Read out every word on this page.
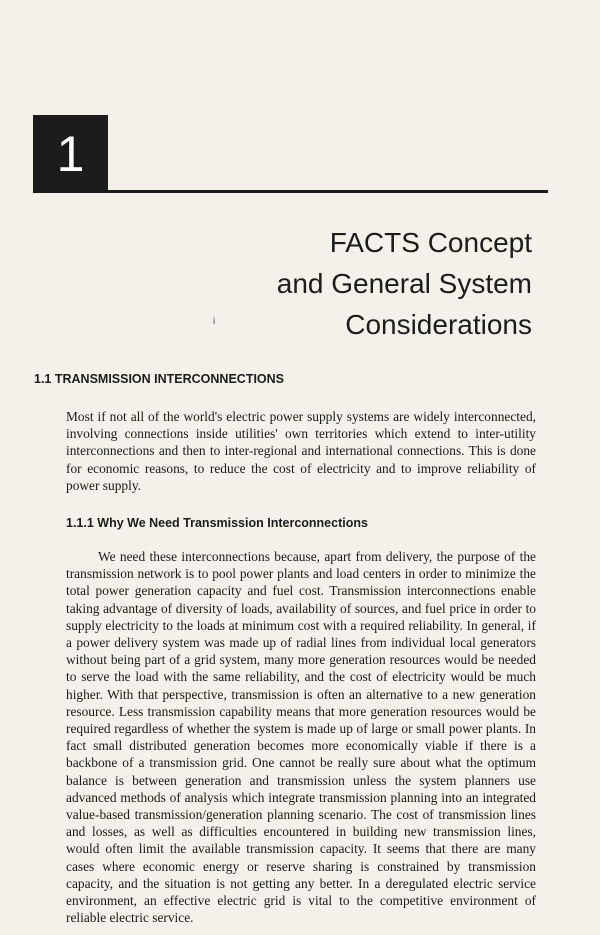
1
FACTS Concept
and General System
Considerations
i
1.1 TRANSMISSION INTERCONNECTIONS

Most if not all of the world's electric power supply systems are widely interconnected, involving connections inside utilities' own territories which extend to inter-utility interconnections and then to inter-regional and international connections. This is done for economic reasons, to reduce the cost of electricity and to improve reliability of power supply.

1.1.1 Why We Need Transmission Interconnections

We need these interconnections because, apart from delivery, the purpose of the transmission network is to pool power plants and load centers in order to minimize the total power generation capacity and fuel cost. Transmission interconnections enable taking advantage of diversity of loads, availability of sources, and fuel price in order to supply electricity to the loads at minimum cost with a required reliability. In general, if a power delivery system was made up of radial lines from individual local generators without being part of a grid system, many more generation resources would be needed to serve the load with the same reliability, and the cost of electricity would be much higher. With that perspective, transmission is often an alternative to a new generation resource. Less transmission capability means that more generation resources would be required regardless of whether the system is made up of large or small power plants. In fact small distributed generation becomes more economically viable if there is a backbone of a transmission grid. One cannot be really sure about what the optimum balance is between generation and transmission unless the system planners use advanced methods of analysis which integrate transmission planning into an integrated value-based transmission/generation planning scenario. The cost of transmission lines and losses, as well as difficulties encountered in building new transmission lines, would often limit the available transmission capacity. It seems that there are many cases where economic energy or reserve sharing is constrained by transmission capacity, and the situation is not getting any better. In a deregulated electric service environment, an effective electric grid is vital to the competitive environment of reliable electric service.
